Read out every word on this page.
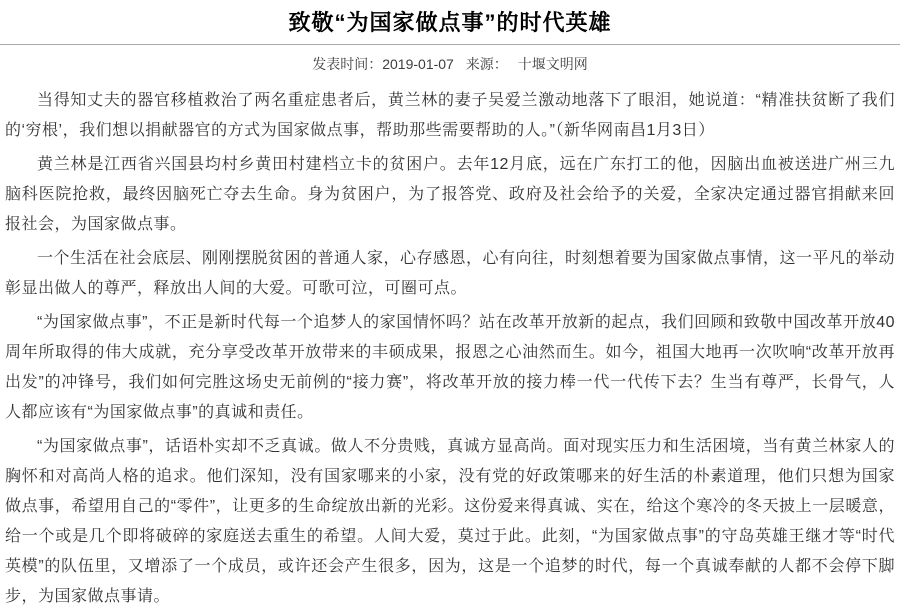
致敬“为国家做点事”的时代英雄
发表时间：2019-01-07 来源： 十堰文明网

当得知丈夫的器官移植救治了两名重症患者后，黄兰林的妻子吴爱兰激动地落下了眼泪，她说道：“精准扶贫断了我们的‘穷根’，我们想以捐献器官的方式为国家做点事，帮助那些需要帮助的人。”（新华网南昌1月3日）

黄兰林是江西省兴国县均村乡黄田村建档立卡的贫困户。去年12月底，远在广东打工的他，因脑出血被送进广州三九脑科医院抢救，最终因脑死亡夺去生命。身为贫困户，为了报答党、政府及社会给予的关爱，全家决定通过器官捐献来回报社会，为国家做点事。

一个生活在社会底层、刚刚摆脱贫困的普通人家，心存感恩，心有向往，时刻想着要为国家做点事情，这一平凡的举动彰显出做人的尊严，释放出人间的大爱。可歌可泣，可圈可点。

“为国家做点事”，不正是新时代每一个追梦人的家国情怀吗？站在改革开放新的起点，我们回顾和致敬中国改革开放40周年所取得的伟大成就，充分享受改革开放带来的丰硕成果，报恩之心油然而生。如今，祖国大地再一次吹响“改革开放再出发”的冲锋号，我们如何完胜这场史无前例的“接力赛”，将改革开放的接力棒一代一代传下去？生当有尊严，长骨气，人人都应该有“为国家做点事”的真诚和责任。

“为国家做点事”，话语朴实却不乏真诚。做人不分贵贱，真诚方显高尚。面对现实压力和生活困境，当有黄兰林家人的胸怀和对高尚人格的追求。他们深知，没有国家哪来的小家，没有党的好政策哪来的好生活的朴素道理，他们只想为国家做点事，希望用自己的“零件”，让更多的生命绽放出新的光彩。这份爱来得真诚、实在，给这个寒冷的冬天披上一层暖意，给一个或是几个即将破碎的家庭送去重生的希望。人间大爱，莫过于此。此刻，“为国家做点事”的守岛英雄王继才等“时代英模”的队伍里，又增添了一个成员，或许还会产生很多，因为，这是一个追梦的时代，每一个真诚奉献的人都不会停下脚步，为国家做点事请。
